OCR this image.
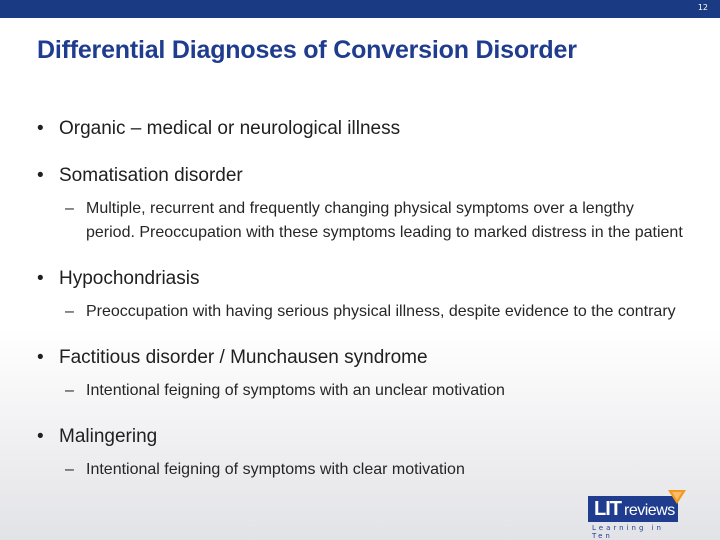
12
Differential Diagnoses of Conversion Disorder
• Organic – medical or neurological illness
• Somatisation disorder
– Multiple, recurrent and frequently changing physical symptoms over a lengthy period. Preoccupation with these symptoms leading to marked distress in the patient
• Hypochondriasis
– Preoccupation with having serious physical illness, despite evidence to the contrary
• Factitious disorder / Munchausen syndrome
– Intentional feigning of symptoms with an unclear motivation
• Malingering
– Intentional feigning of symptoms with clear motivation
LIT reviews
Learning in Ten
